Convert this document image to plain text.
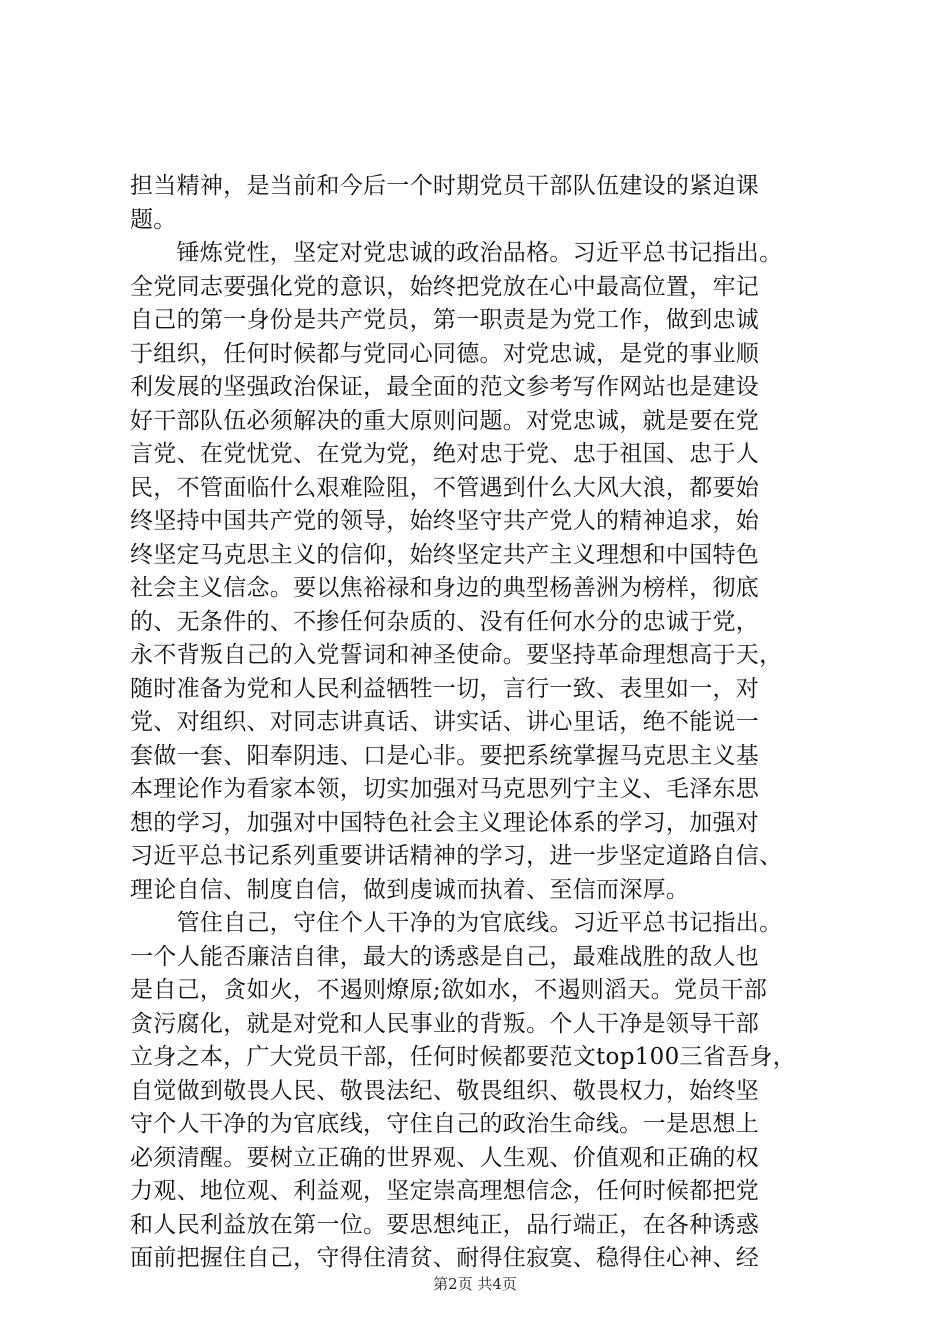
担当精神，是当前和今后一个时期党员干部队伍建设的紧迫课
题。
　　锤炼党性，坚定对党忠诚的政治品格。习近平总书记指出。
全党同志要强化党的意识，始终把党放在心中最高位置，牢记
自己的第一身份是共产党员，第一职责是为党工作，做到忠诚
于组织，任何时候都与党同心同德。对党忠诚，是党的事业顺
利发展的坚强政治保证，最全面的范文参考写作网站也是建设
好干部队伍必须解决的重大原则问题。对党忠诚，就是要在党
言党、在党忧党、在党为党，绝对忠于党、忠于祖国、忠于人
民，不管面临什么艰难险阻，不管遇到什么大风大浪，都要始
终坚持中国共产党的领导，始终坚守共产党人的精神追求，始
终坚定马克思主义的信仰，始终坚定共产主义理想和中国特色
社会主义信念。要以焦裕禄和身边的典型杨善洲为榜样，彻底
的、无条件的、不掺任何杂质的、没有任何水分的忠诚于党，
永不背叛自己的入党誓词和神圣使命。要坚持革命理想高于天，
随时准备为党和人民利益牺牲一切，言行一致、表里如一，对
党、对组织、对同志讲真话、讲实话、讲心里话，绝不能说一
套做一套、阳奉阴违、口是心非。要把系统掌握马克思主义基
本理论作为看家本领，切实加强对马克思列宁主义、毛泽东思
想的学习，加强对中国特色社会主义理论体系的学习，加强对
习近平总书记系列重要讲话精神的学习，进一步坚定道路自信、
理论自信、制度自信，做到虔诚而执着、至信而深厚。
　　管住自己，守住个人干净的为官底线。习近平总书记指出。
一个人能否廉洁自律，最大的诱惑是自己，最难战胜的敌人也
是自己，贪如火，不遏则燎原;欲如水，不遏则滔天。党员干部
贪污腐化，就是对党和人民事业的背叛。个人干净是领导干部
立身之本，广大党员干部，任何时候都要范文top100三省吾身，
自觉做到敬畏人民、敬畏法纪、敬畏组织、敬畏权力，始终坚
守个人干净的为官底线，守住自己的政治生命线。一是思想上
必须清醒。要树立正确的世界观、人生观、价值观和正确的权
力观、地位观、利益观，坚定崇高理想信念，任何时候都把党
和人民利益放在第一位。要思想纯正，品行端正，在各种诱惑
面前把握住自己，守得住清贫、耐得住寂寞、稳得住心神、经
第2页 共4页
